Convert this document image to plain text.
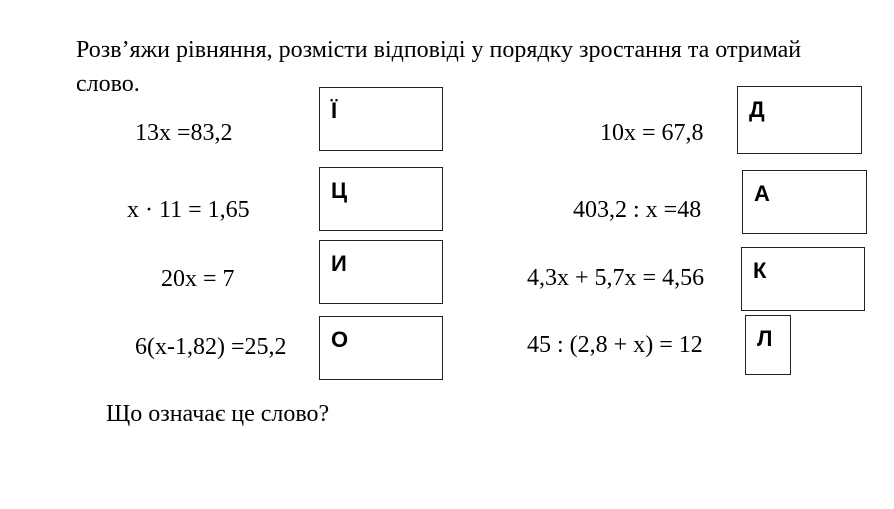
Розв’яжи рівняння, розмісти відповіді у порядку зростання та отримай слово.

13x =83,2
x · 11 = 1,65
20x = 7
6(x-1,82) =25,2
Ї
Ц
И
О
10x = 67,8
403,2 : x =48
4,3x + 5,7x = 4,56
45 : (2,8 + x) = 12
Д
А
К
Л

Що означає це слово?
